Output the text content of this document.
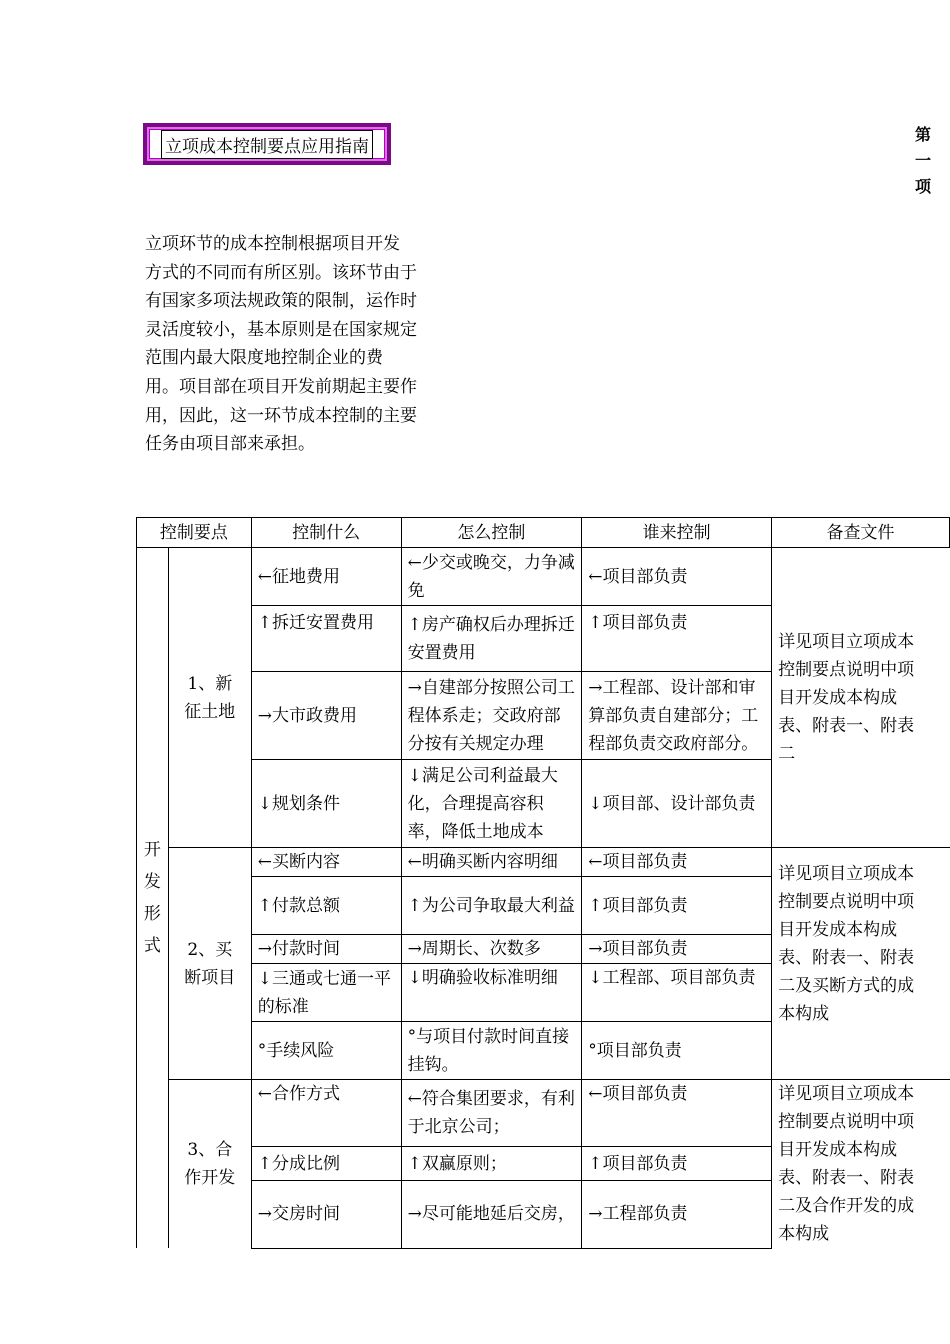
立项成本控制要点应用指南
第
一
项
立项环节的成本控制根据项目开发
方式的不同而有所区别。该环节由于
有国家多项法规政策的限制，运作时
灵活度较小，基本原则是在国家规定
范围内最大限度地控制企业的费
用。项目部在项目开发前期起主要作
用，因此，这一环节成本控制的主要
任务由项目部来承担。
控制要点		控制什么	怎么控制	谁来控制	备查文件

开发形式	1、新征土地	←征地费用	←少交或晚交，力争减免	←项目部负责	详见项目立项成本控制要点说明中项目开发成本构成表、附表一、附表二

		↑拆迁安置费用	↑房产确权后办理拆迁安置费用	↑项目部负责	
		→大市政费用	→自建部分按照公司工程体系走；交政府部分按有关规定办理	→工程部、设计部和审算部负责自建部分；工程部负责交政府部分。	
		↓规划条件	↓满足公司利益最大化，合理提高容积率，降低土地成本	↓项目部、设计部负责	

	2、买断项目	←买断内容	←明确买断内容明细	←项目部负责	详见项目立项成本控制要点说明中项目开发成本构成表、附表一、附表二及买断方式的成本构成

		↑付款总额	↑为公司争取最大利益	↑项目部负责	
		→付款时间	→周期长、次数多	→项目部负责	
		↓三通或七通一平的标准	↓明确验收标准明细	↓工程部、项目部负责	
		°手续风险	°与项目付款时间直接挂钩。	°项目部负责	

	3、合作开发	←合作方式	←符合集团要求，有利于北京公司；	←项目部负责	详见项目立项成本控制要点说明中项目开发成本构成表、附表一、附表二及合作开发的成本构成

		↑分成比例	↑双赢原则；	↑项目部负责	
		→交房时间	→尽可能地延后交房，	→工程部负责	
